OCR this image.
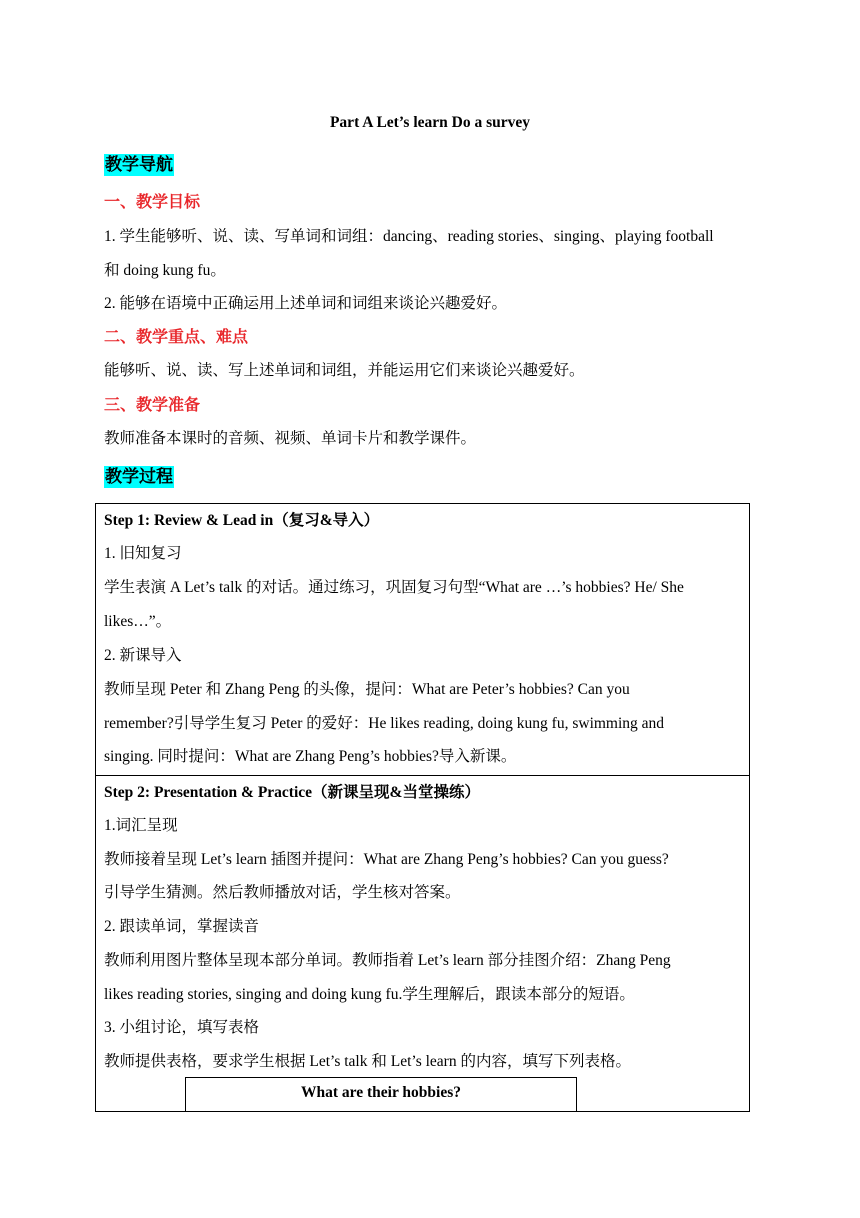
Part A Let’s learn Do a survey
教学导航
一、教学目标
1. 学生能够听、说、读、写单词和词组：dancing、reading stories、singing、playing football
和 doing kung fu。
2. 能够在语境中正确运用上述单词和词组来谈论兴趣爱好。
二、教学重点、难点
能够听、说、读、写上述单词和词组，并能运用它们来谈论兴趣爱好。
三、教学准备
教师准备本课时的音频、视频、单词卡片和教学课件。
教学过程
Step 1: Review & Lead in（复习&导入）
1. 旧知复习
学生表演 A Let’s talk 的对话。通过练习，巩固复习句型“What are …’s hobbies? He/ She
likes…”。
2. 新课导入
教师呈现 Peter 和 Zhang Peng 的头像，提问：What are Peter’s hobbies? Can you
remember?引导学生复习 Peter 的爱好：He likes reading, doing kung fu, swimming and
singing. 同时提问：What are Zhang Peng’s hobbies?导入新课。
Step 2: Presentation & Practice（新课呈现&当堂操练）
1.词汇呈现
教师接着呈现 Let’s learn 插图并提问：What are Zhang Peng’s hobbies? Can you guess?
引导学生猜测。然后教师播放对话，学生核对答案。
2. 跟读单词，掌握读音
教师利用图片整体呈现本部分单词。教师指着 Let’s learn 部分挂图介绍：Zhang Peng
likes reading stories, singing and doing kung fu.学生理解后，跟读本部分的短语。
3. 小组讨论，填写表格
教师提供表格，要求学生根据 Let’s talk 和 Let’s learn 的内容，填写下列表格。
What are their hobbies?
